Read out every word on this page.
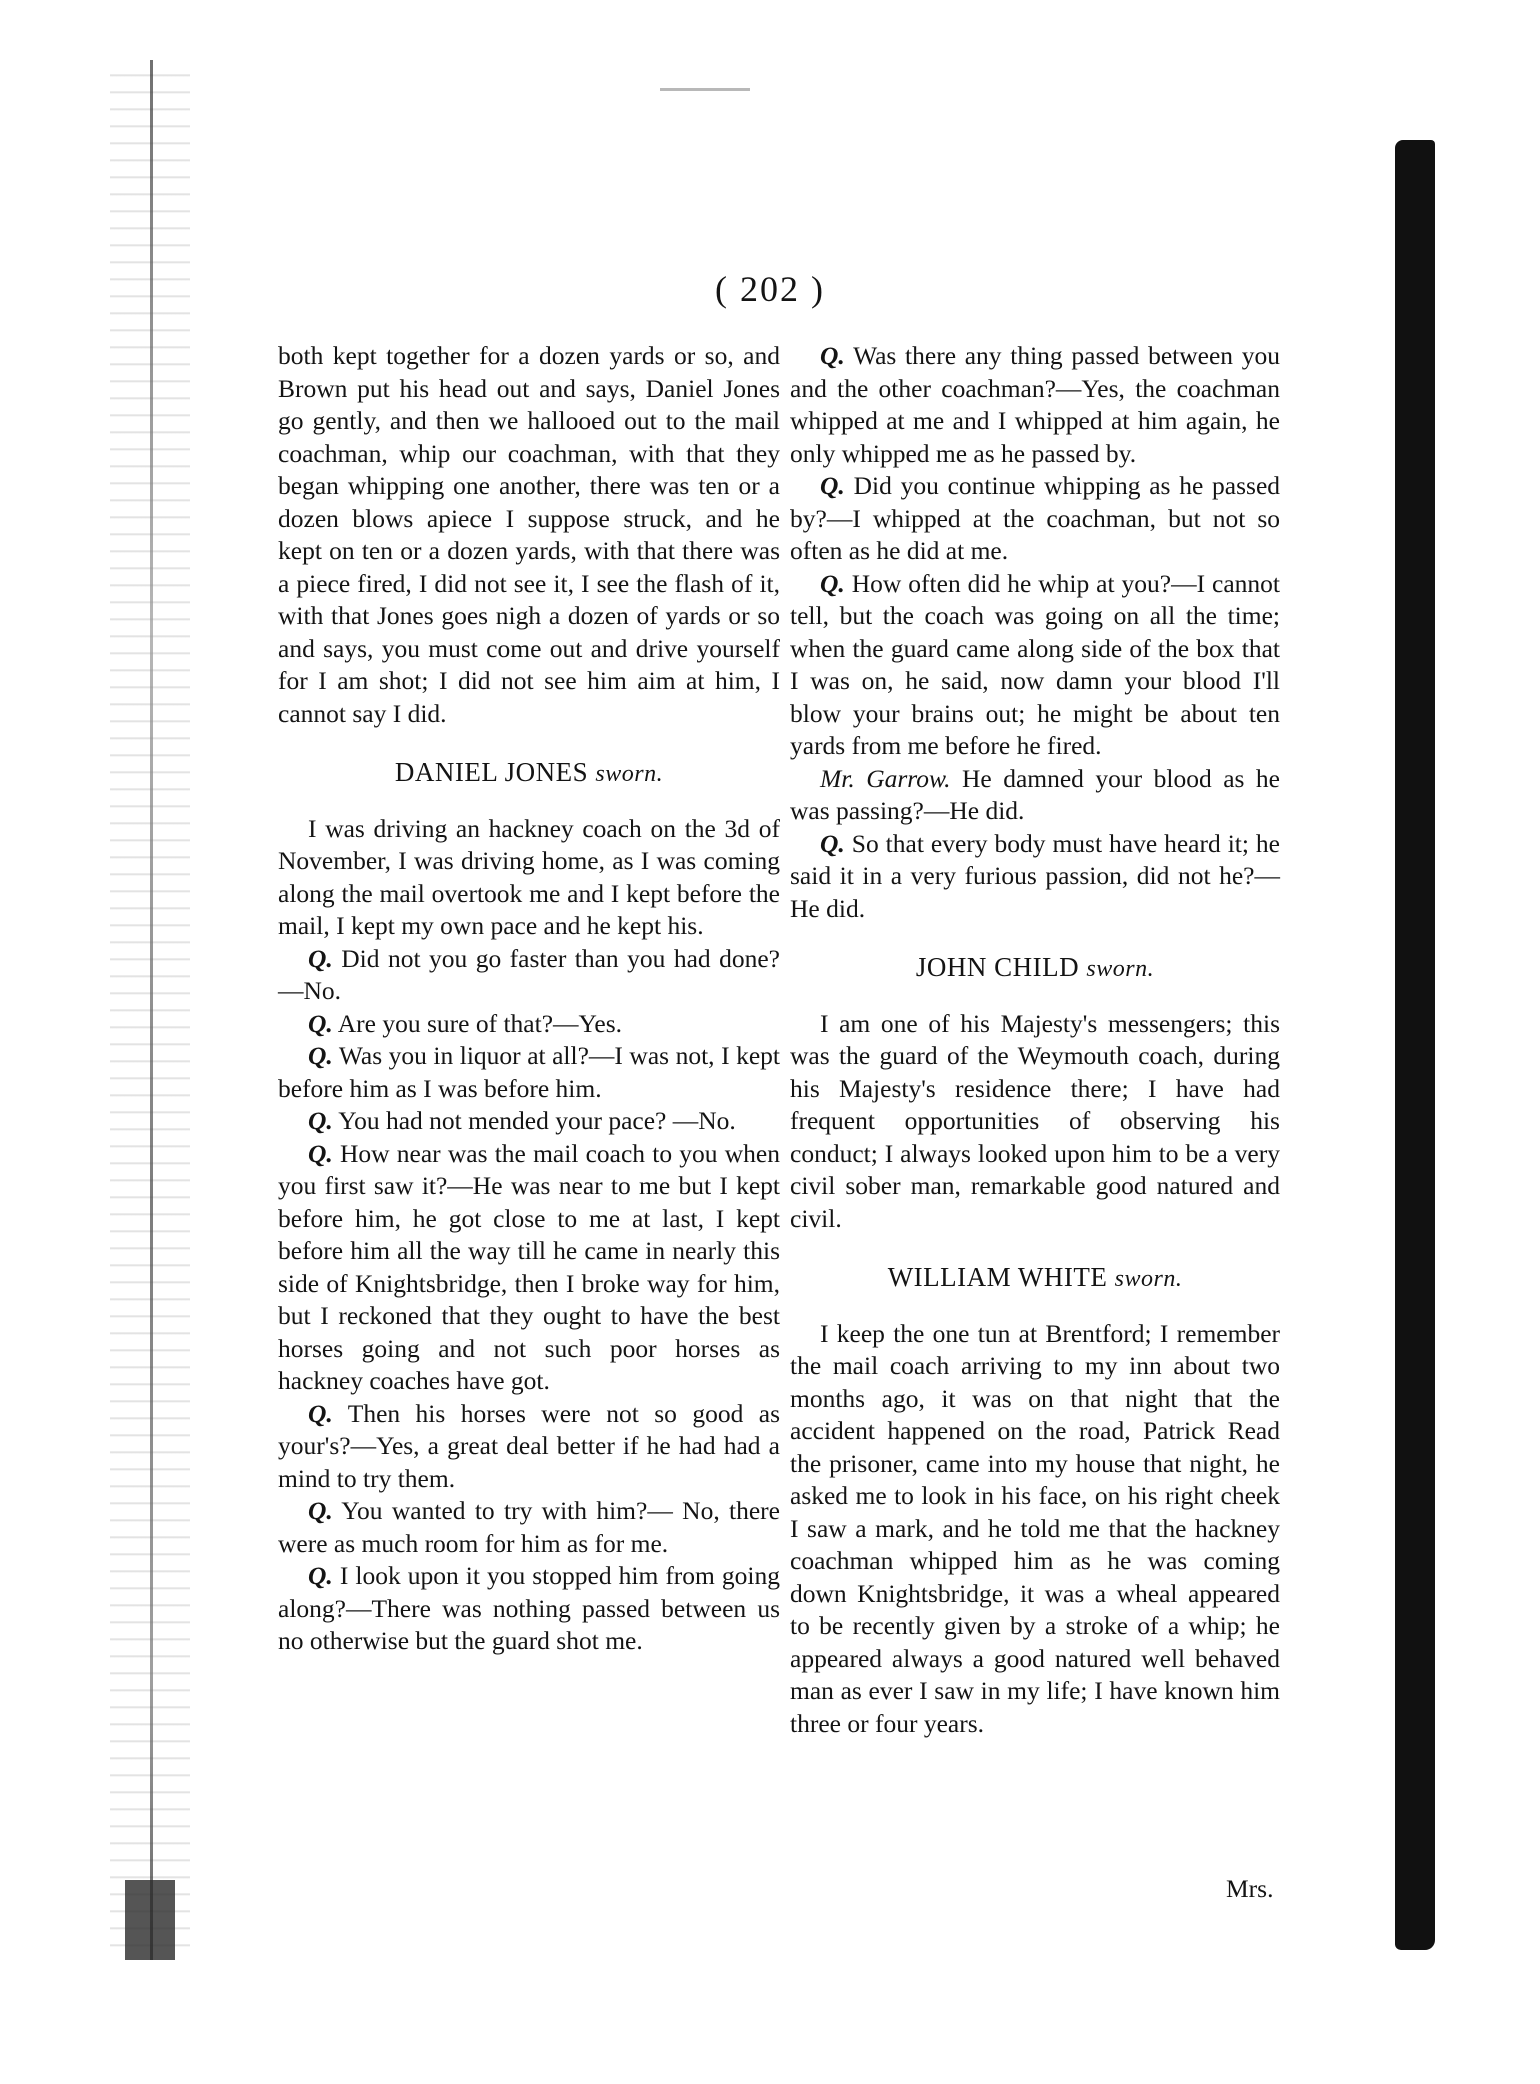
( 202 )

both kept together for a dozen yards or so, and Brown put his head out and says, Daniel Jones go gently, and then we hallooed out to the mail coachman, whip our coachman, with that they began whipping one another, there was ten or a dozen blows apiece I suppose struck, and he kept on ten or a dozen yards, with that there was a piece fired, I did not see it, I see the flash of it, with that Jones goes nigh a dozen of yards or so and says, you must come out and drive yourself for I am shot; I did not see him aim at him, I cannot say I did.

DANIEL JONES sworn.

I was driving an hackney coach on the 3d of November, I was driving home, as I was coming along the mail overtook me and I kept before the mail, I kept my own pace and he kept his.

Q. Did not you go faster than you had done?—No.

Q. Are you sure of that?—Yes.

Q. Was you in liquor at all?—I was not, I kept before him as I was before him.

Q. You had not mended your pace? —No.

Q. How near was the mail coach to you when you first saw it?—He was near to me but I kept before him, he got close to me at last, I kept before him all the way till he came in nearly this side of Knightsbridge, then I broke way for him, but I reckoned that they ought to have the best horses going and not such poor horses as hackney coaches have got.

Q. Then his horses were not so good as your's?—Yes, a great deal better if he had had a mind to try them.

Q. You wanted to try with him?— No, there were as much room for him as for me.

Q. I look upon it you stopped him from going along?—There was nothing passed between us no otherwise but the guard shot me.

Q. Was there any thing passed between you and the other coachman?—Yes, the coachman whipped at me and I whipped at him again, he only whipped me as he passed by.

Q. Did you continue whipping as he passed by?—I whipped at the coachman, but not so often as he did at me.

Q. How often did he whip at you?—I cannot tell, but the coach was going on all the time; when the guard came along side of the box that I was on, he said, now damn your blood I'll blow your brains out; he might be about ten yards from me before he fired.

Mr. Garrow. He damned your blood as he was passing?—He did.

Q. So that every body must have heard it; he said it in a very furious passion, did not he?—He did.

JOHN CHILD sworn.

I am one of his Majesty's messengers; this was the guard of the Weymouth coach, during his Majesty's residence there; I have had frequent opportunities of observing his conduct; I always looked upon him to be a very civil sober man, remarkable good natured and civil.

WILLIAM WHITE sworn.

I keep the one tun at Brentford; I remember the mail coach arriving to my inn about two months ago, it was on that night that the accident happened on the road, Patrick Read the prisoner, came into my house that night, he asked me to look in his face, on his right cheek I saw a mark, and he told me that the hackney coachman whipped him as he was coming down Knightsbridge, it was a wheal appeared to be recently given by a stroke of a whip; he appeared always a good natured well behaved man as ever I saw in my life; I have known him three or four years.

Mrs.
